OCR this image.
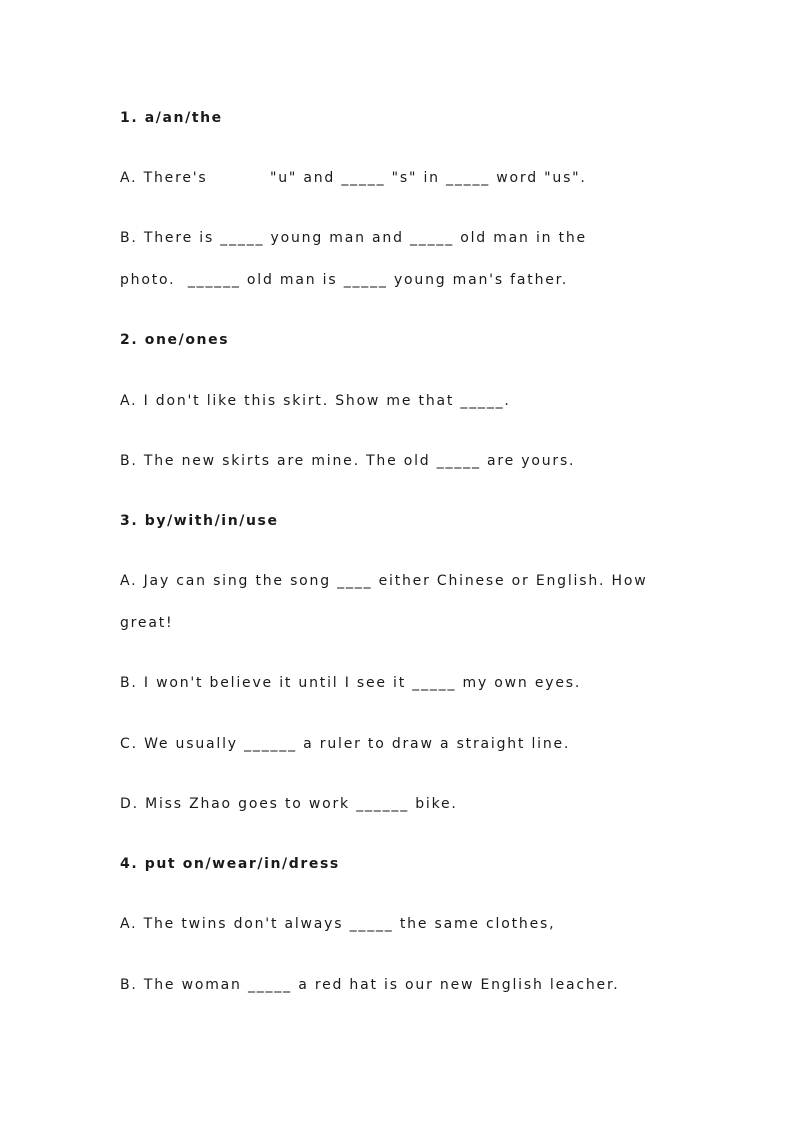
1. a/an/the
A. There's          "u" and _____ "s" in _____ word "us".
B. There is _____ young man and _____ old man in the
photo.  ______ old man is _____ young man's father.
2. one/ones
A. I don't like this skirt. Show me that _____.
B. The new skirts are mine. The old _____ are yours.
3. by/with/in/use
A. Jay can sing the song ____ either Chinese or English. How
great!
B. I won't believe it until I see it _____ my own eyes.
C. We usually ______ a ruler to draw a straight line.
D. Miss Zhao goes to work ______ bike.
4. put on/wear/in/dress
A. The twins don't always _____ the same clothes,
B. The woman _____ a red hat is our new English leacher.
